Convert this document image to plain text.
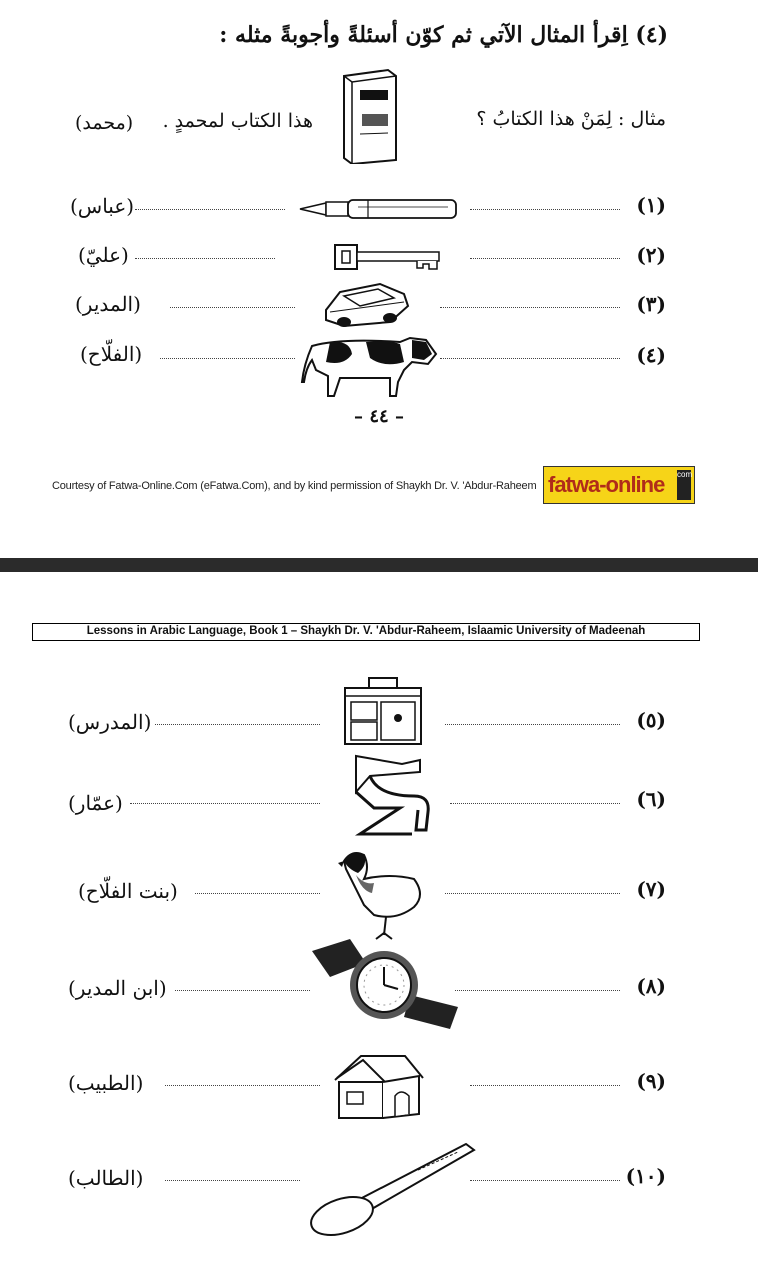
(٤) اِقرأ المثال الآتي ثم كوّن أسئلةً وأجوبةً مثله :
مثال : لِمَنْ هذا الكتابُ ؟
هذا الكتاب لمحمدٍ .
(محمد)
(١)
(عباس)
(٢)
(عليّ)
(٣)
(المدير)
(٤)
(الفلّاح)
– ٤٤ –
Courtesy of Fatwa-Online.Com (eFatwa.Com), and by kind permission of Shaykh Dr. V. 'Abdur-Raheem fatwa-online com
Lessons in Arabic Language, Book 1 – Shaykh Dr. V. 'Abdur-Raheem, Islaamic University of Madeenah
(٥)
(المدرس)
(٦)
(عمّار)
(٧)
(بنت الفلّاح)
(٨)
(ابن المدير)
(٩)
(الطبيب)
(١٠)
(الطالب)
